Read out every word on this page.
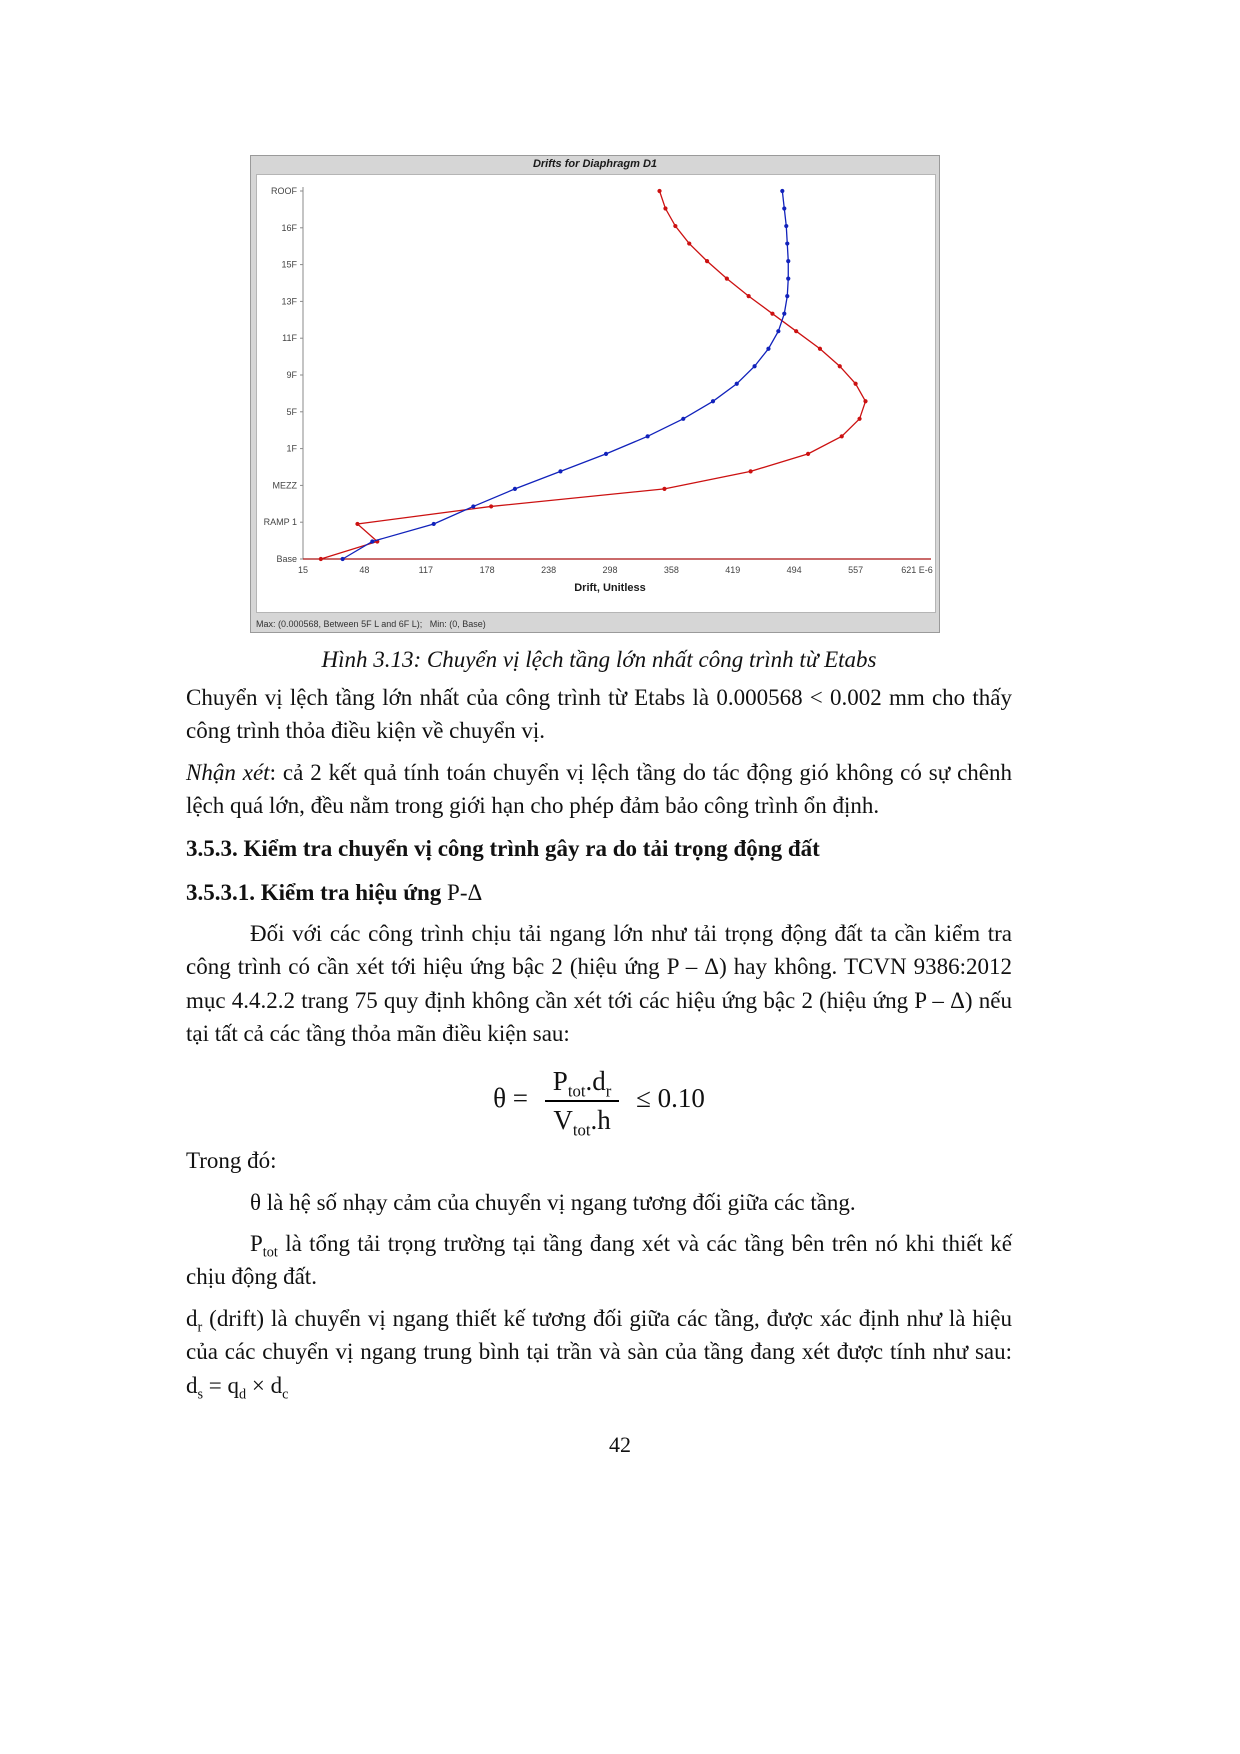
Drifts for Diaphragm D1
ROOF
16F
15F
13F
11F
9F
5F
1F
MEZZ
RAMP 1
Base
15	48	117	178	238	298	358	419	494	557	621 E-6
Drift, Unitless
Max: (0.000568, Between 5F L and 6F L);   Min: (0, Base)
Hình 3.13: Chuyển vị lệch tầng lớn nhất công trình từ Etabs

Chuyển vị lệch tầng lớn nhất của công trình từ Etabs là 0.000568 < 0.002 mm cho thấy công trình thỏa điều kiện về chuyển vị.

Nhận xét: cả 2 kết quả tính toán chuyển vị lệch tầng do tác động gió không có sự chênh lệch quá lớn, đều nằm trong giới hạn cho phép đảm bảo công trình ổn định.

3.5.3. Kiểm tra chuyển vị công trình gây ra do tải trọng động đất
3.5.3.1. Kiểm tra hiệu ứng P-Δ

Đối với các công trình chịu tải ngang lớn như tải trọng động đất ta cần kiểm tra công trình có cần xét tới hiệu ứng bậc 2 (hiệu ứng P – Δ) hay không. TCVN 9386:2012 mục 4.4.2.2 trang 75 quy định không cần xét tới các hiệu ứng bậc 2 (hiệu ứng P – Δ) nếu tại tất cả các tầng thỏa mãn điều kiện sau:

$\theta = \frac{P_{tot}.d_r}{V_{tot}.h} \le 0.10$

Trong đó:

θ là hệ số nhạy cảm của chuyển vị ngang tương đối giữa các tầng.

$P_{tot}$ là tổng tải trọng trường tại tầng đang xét và các tầng bên trên nó khi thiết kế chịu động đất.

$d_r$ (drift) là chuyển vị ngang thiết kế tương đối giữa các tầng, được xác định như là hiệu của các chuyển vị ngang trung bình tại trần và sàn của tầng đang xét được tính như sau: $d_s = q_d \times d_c$

42
